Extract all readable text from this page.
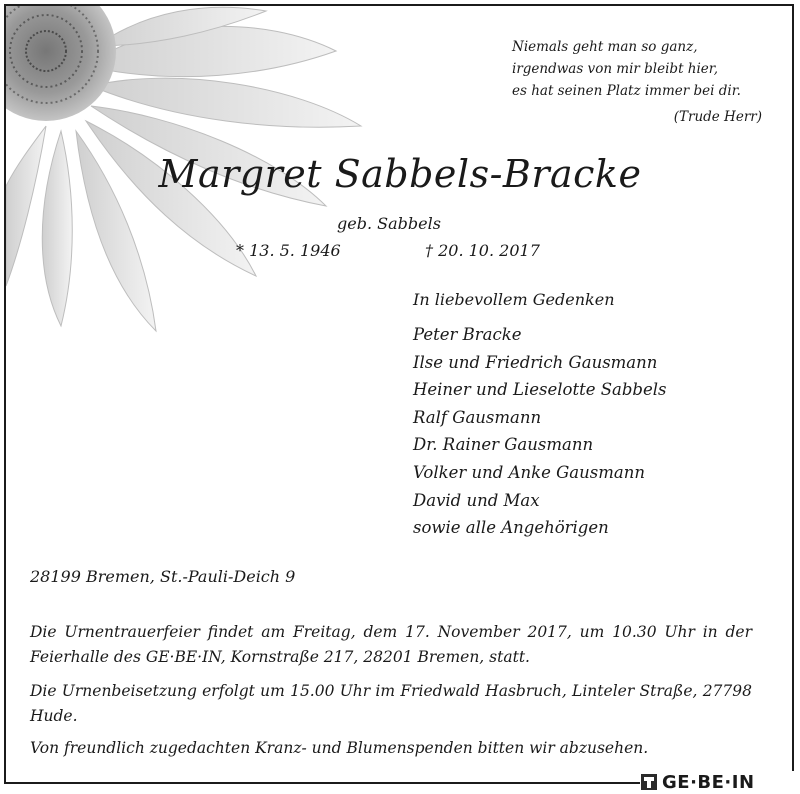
Niemals geht man so ganz,
irgendwas von mir bleibt hier,
es hat seinen Platz immer bei dir.
(Trude Herr)
Margret Sabbels-Bracke
geb. Sabbels
* 13. 5. 1946	† 20. 10. 2017
In liebevollem Gedenken
Peter Bracke
Ilse und Friedrich Gausmann
Heiner und Lieselotte Sabbels
Ralf Gausmann
Dr. Rainer Gausmann
Volker und Anke Gausmann
David und Max
sowie alle Angehörigen
28199 Bremen, St.-Pauli-Deich 9

Die Urnentrauerfeier findet am Freitag, dem 17. November 2017, um 10.30 Uhr in der Feierhalle des GE·BE·IN, Kornstraße 217, 28201 Bremen, statt.

Die Urnenbeisetzung erfolgt um 15.00 Uhr im Friedwald Hasbruch, Linteler Straße, 27798 Hude.

Von freundlich zugedachten Kranz- und Blumenspenden bitten wir abzusehen.

GE·BE·IN
